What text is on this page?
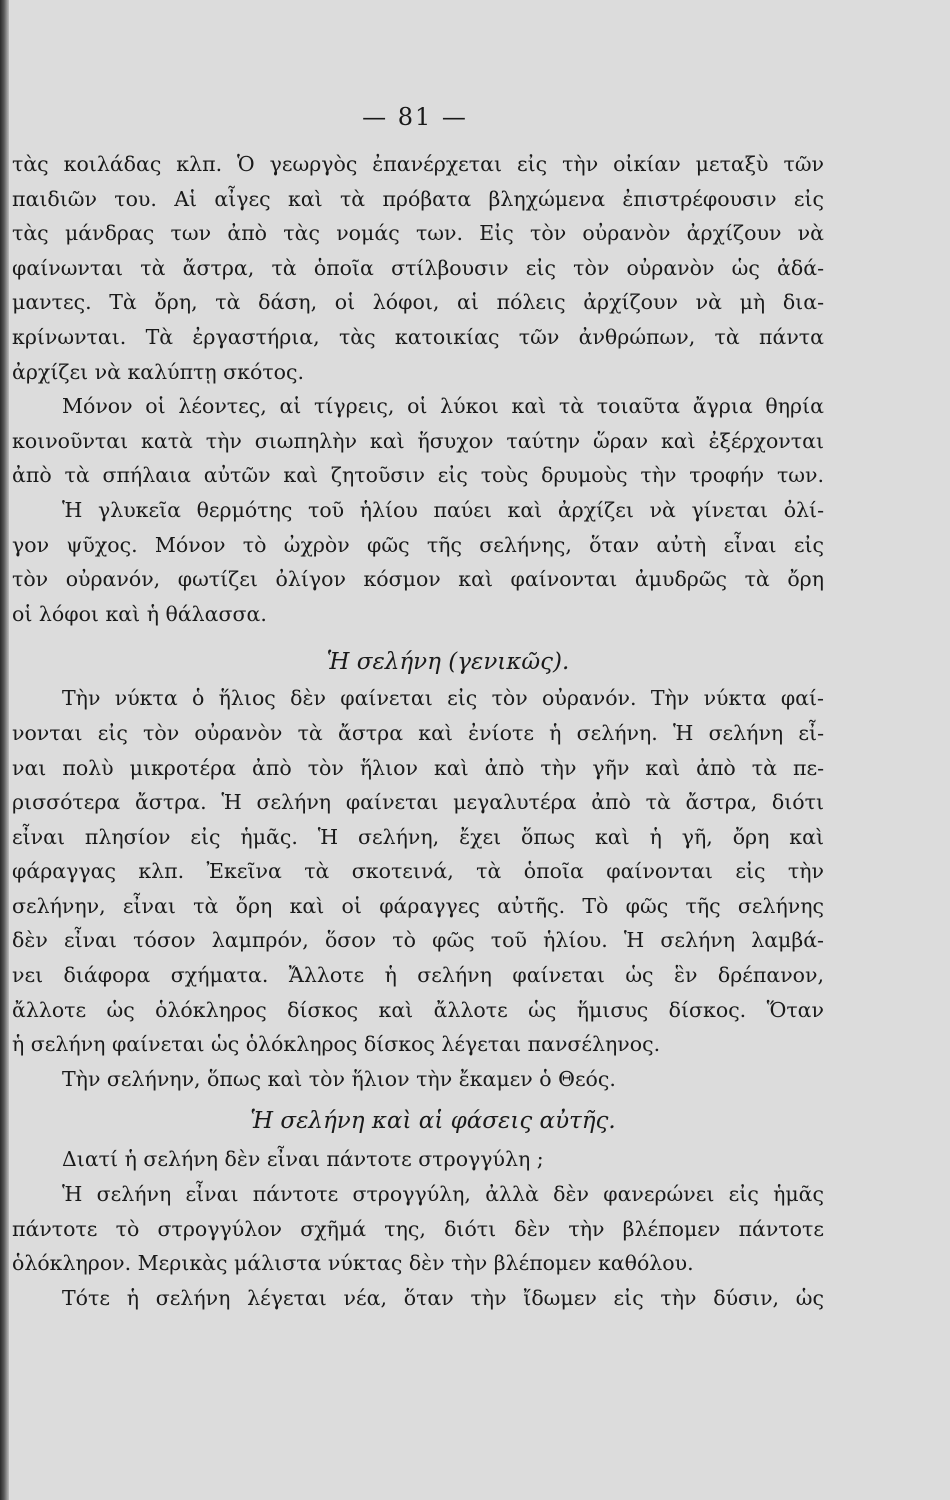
— 81 —
τὰς κοιλάδας κλπ. Ὁ γεωργὸς ἐπανέρχεται εἰς τὴν οἰκίαν μεταξὺ τῶν
παιδιῶν του. Αἱ αἶγες καὶ τὰ πρόβατα βληχώμενα ἐπιστρέφουσιν εἰς
τὰς μάνδρας των ἀπὸ τὰς νομάς των. Εἰς τὸν οὐρανὸν ἀρχίζουν νὰ
φαίνωνται τὰ ἄστρα, τὰ ὁποῖα στίλβουσιν εἰς τὸν οὐρανὸν ὡς ἀδά-
μαντες. Τὰ ὄρη, τὰ δάση, οἱ λόφοι, αἱ πόλεις ἀρχίζουν νὰ μὴ δια-
κρίνωνται. Τὰ ἐργαστήρια, τὰς κατοικίας τῶν ἀνθρώπων, τὰ πάντα
ἀρχίζει νὰ καλύπτῃ σκότος.
Μόνον οἱ λέοντες, αἱ τίγρεις, οἱ λύκοι καὶ τὰ τοιαῦτα ἄγρια θηρία
κοινοῦνται κατὰ τὴν σιωπηλὴν καὶ ἥσυχον ταύτην ὥραν καὶ ἐξέρχονται
ἀπὸ τὰ σπήλαια αὐτῶν καὶ ζητοῦσιν εἰς τοὺς δρυμοὺς τὴν τροφήν των.
Ἡ γλυκεῖα θερμότης τοῦ ἡλίου παύει καὶ ἀρχίζει νὰ γίνεται ὀλί-
γον ψῦχος. Μόνον τὸ ὠχρὸν φῶς τῆς σελήνης, ὅταν αὐτὴ εἶναι εἰς
τὸν οὐρανόν, φωτίζει ὀλίγον κόσμον καὶ φαίνονται ἀμυδρῶς τὰ ὄρη
οἱ λόφοι καὶ ἡ θάλασσα.
Ἡ σελήνη (γενικῶς).
Τὴν νύκτα ὁ ἥλιος δὲν φαίνεται εἰς τὸν οὐρανόν. Τὴν νύκτα φαί-
νονται εἰς τὸν οὐρανὸν τὰ ἄστρα καὶ ἐνίοτε ἡ σελήνη. Ἡ σελήνη εἶ-
ναι πολὺ μικροτέρα ἀπὸ τὸν ἥλιον καὶ ἀπὸ τὴν γῆν καὶ ἀπὸ τὰ πε-
ρισσότερα ἄστρα. Ἡ σελήνη φαίνεται μεγαλυτέρα ἀπὸ τὰ ἄστρα, διότι
εἶναι πλησίον εἰς ἡμᾶς. Ἡ σελήνη, ἔχει ὅπως καὶ ἡ γῆ, ὄρη καὶ
φάραγγας κλπ. Ἐκεῖνα τὰ σκοτεινά, τὰ ὁποῖα φαίνονται εἰς τὴν
σελήνην, εἶναι τὰ ὄρη καὶ οἱ φάραγγες αὐτῆς. Τὸ φῶς τῆς σελήνης
δὲν εἶναι τόσον λαμπρόν, ὅσον τὸ φῶς τοῦ ἡλίου. Ἡ σελήνη λαμβά-
νει διάφορα σχήματα. Ἄλλοτε ἡ σελήνη φαίνεται ὡς ἓν δρέπανον,
ἄλλοτε ὡς ὁλόκληρος δίσκος καὶ ἄλλοτε ὡς ἥμισυς δίσκος. Ὅταν
ἡ σελήνη φαίνεται ὡς ὁλόκληρος δίσκος λέγεται πανσέληνος.
Τὴν σελήνην, ὅπως καὶ τὸν ἥλιον τὴν ἔκαμεν ὁ Θεός.
Ἡ σελήνη καὶ αἱ φάσεις αὐτῆς.
Διατί ἡ σελήνη δὲν εἶναι πάντοτε στρογγύλη ;
Ἡ σελήνη εἶναι πάντοτε στρογγύλη, ἀλλὰ δὲν φανερώνει εἰς ἡμᾶς
πάντοτε τὸ στρογγύλον σχῆμά της, διότι δὲν τὴν βλέπομεν πάντοτε
ὁλόκληρον. Μερικὰς μάλιστα νύκτας δὲν τὴν βλέπομεν καθόλου.
Τότε ἡ σελήνη λέγεται νέα, ὅταν τὴν ἴδωμεν εἰς τὴν δύσιν, ὡς
